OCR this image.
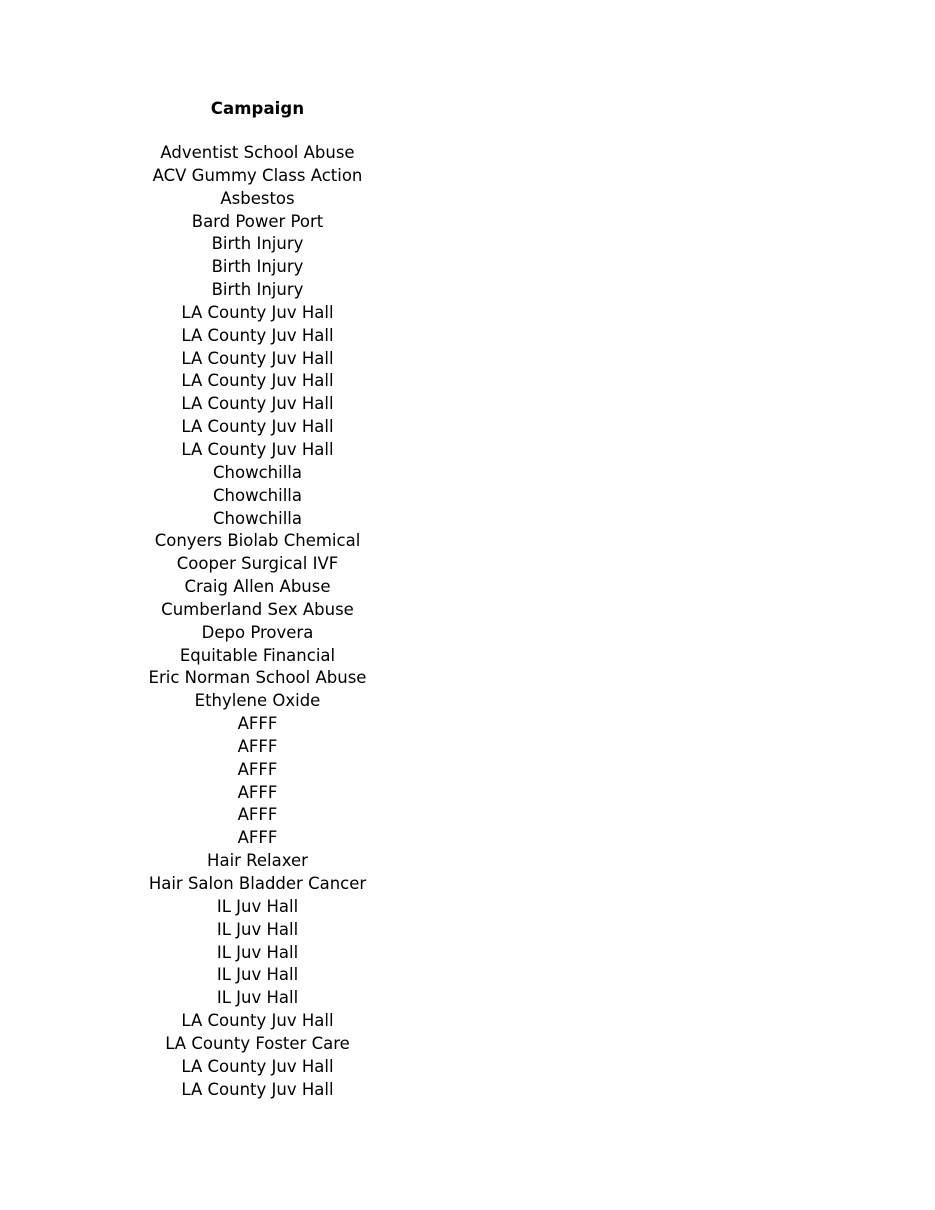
Campaign
Adventist School Abuse
ACV Gummy Class Action
Asbestos
Bard Power Port
Birth Injury
Birth Injury
Birth Injury
LA County Juv Hall
LA County Juv Hall
LA County Juv Hall
LA County Juv Hall
LA County Juv Hall
LA County Juv Hall
LA County Juv Hall
Chowchilla
Chowchilla
Chowchilla
Conyers Biolab Chemical
Cooper Surgical IVF
Craig Allen Abuse
Cumberland Sex Abuse
Depo Provera
Equitable Financial
Eric Norman School Abuse
Ethylene Oxide
AFFF
AFFF
AFFF
AFFF
AFFF
AFFF
Hair Relaxer
Hair Salon Bladder Cancer
IL Juv Hall
IL Juv Hall
IL Juv Hall
IL Juv Hall
IL Juv Hall
LA County Juv Hall
LA County Foster Care
LA County Juv Hall
LA County Juv Hall
